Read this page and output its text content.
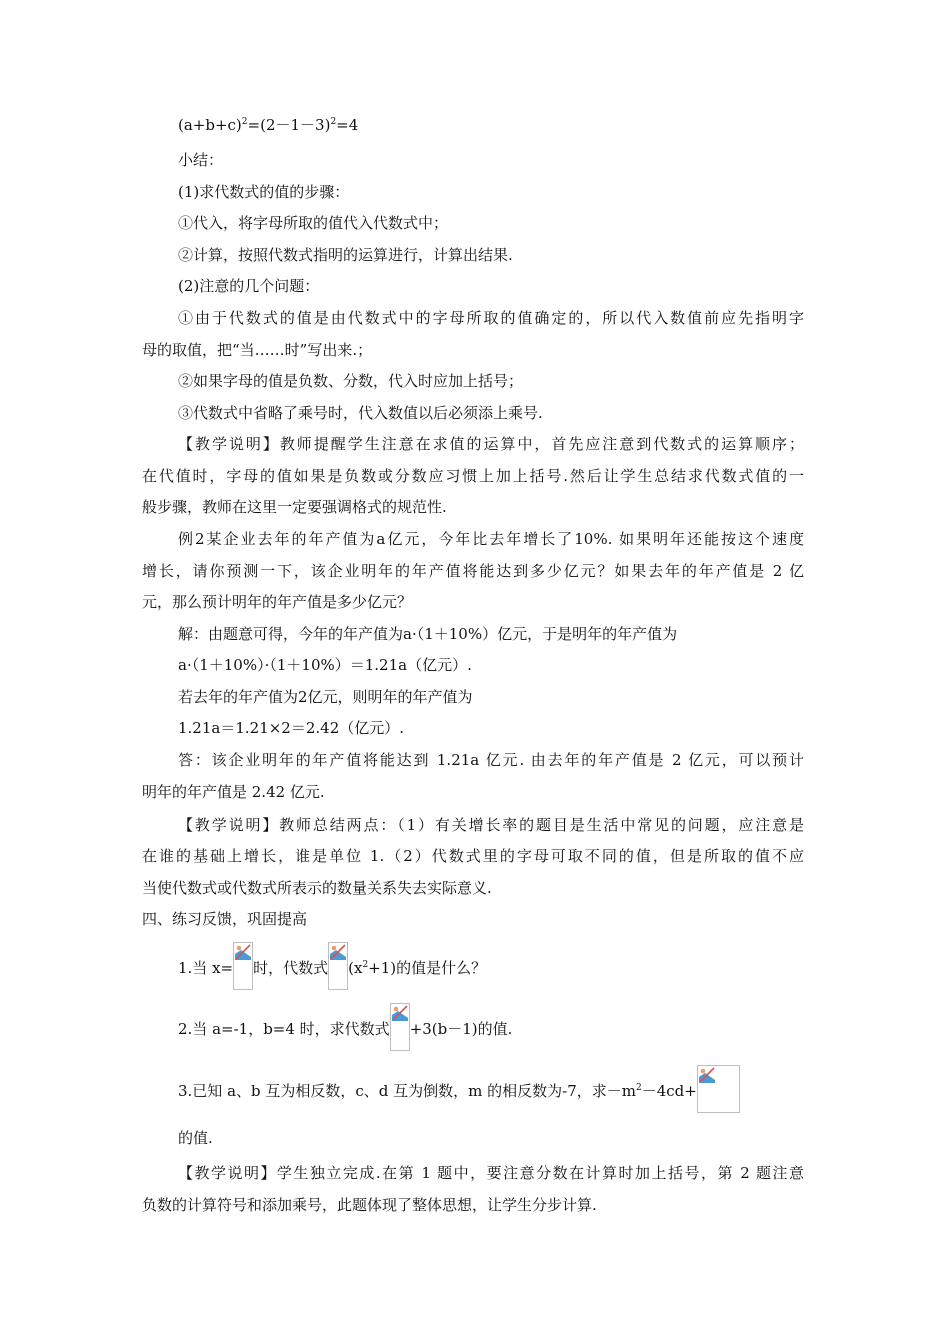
$(a+b+c)^2=(2-1-3)^2=4$
小结：
(1)求代数式的值的步骤：
①代入，将字母所取的值代入代数式中；
②计算，按照代数式指明的运算进行，计算出结果.
(2)注意的几个问题：
①由于代数式的值是由代数式中的字母所取的值确定的，所以代入数值前应先指明字
母的取值，把“当……时”写出来.；
②如果字母的值是负数、分数，代入时应加上括号；
③代数式中省略了乘号时，代入数值以后必须添上乘号.
【教学说明】教师提醒学生注意在求值的运算中，首先应注意到代数式的运算顺序；
在代值时，字母的值如果是负数或分数应习惯上加上括号.然后让学生总结求代数式值的一
般步骤，教师在这里一定要强调格式的规范性.
例2某企业去年的年产值为a亿元，今年比去年增长了10%. 如果明年还能按这个速度
增长，请你预测一下，该企业明年的年产值将能达到多少亿元？如果去年的年产值是 2 亿
元，那么预计明年的年产值是多少亿元？
解：由题意可得，今年的年产值为a·（1＋10%）亿元，于是明年的年产值为
a·（1＋10%）·（1＋10%）＝1.21a（亿元）.
若去年的年产值为2亿元，则明年的年产值为
1.21a＝1.21×2＝2.42（亿元）.
答：该企业明年的年产值将能达到 1.21a 亿元. 由去年的年产值是 2 亿元，可以预计
明年的年产值是 2.42 亿元.
【教学说明】教师总结两点：（1）有关增长率的题目是生活中常见的问题，应注意是
在谁的基础上增长，谁是单位 1.（2）代数式里的字母可取不同的值，但是所取的值不应
当使代数式或代数式所表示的数量关系失去实际意义.
四、练习反馈，巩固提高
1.当 x= 时，代数式 $(x^2+1)$的值是什么？
2.当 a=-1，b=4 时，求代数式 +3(b－1)的值.
3.已知 a、b 互为相反数，c、d 互为倒数，m 的相反数为-7，求$-m^2-4cd+$
的值.
【教学说明】学生独立完成.在第 1 题中，要注意分数在计算时加上括号，第 2 题注意
负数的计算符号和添加乘号，此题体现了整体思想，让学生分步计算.
